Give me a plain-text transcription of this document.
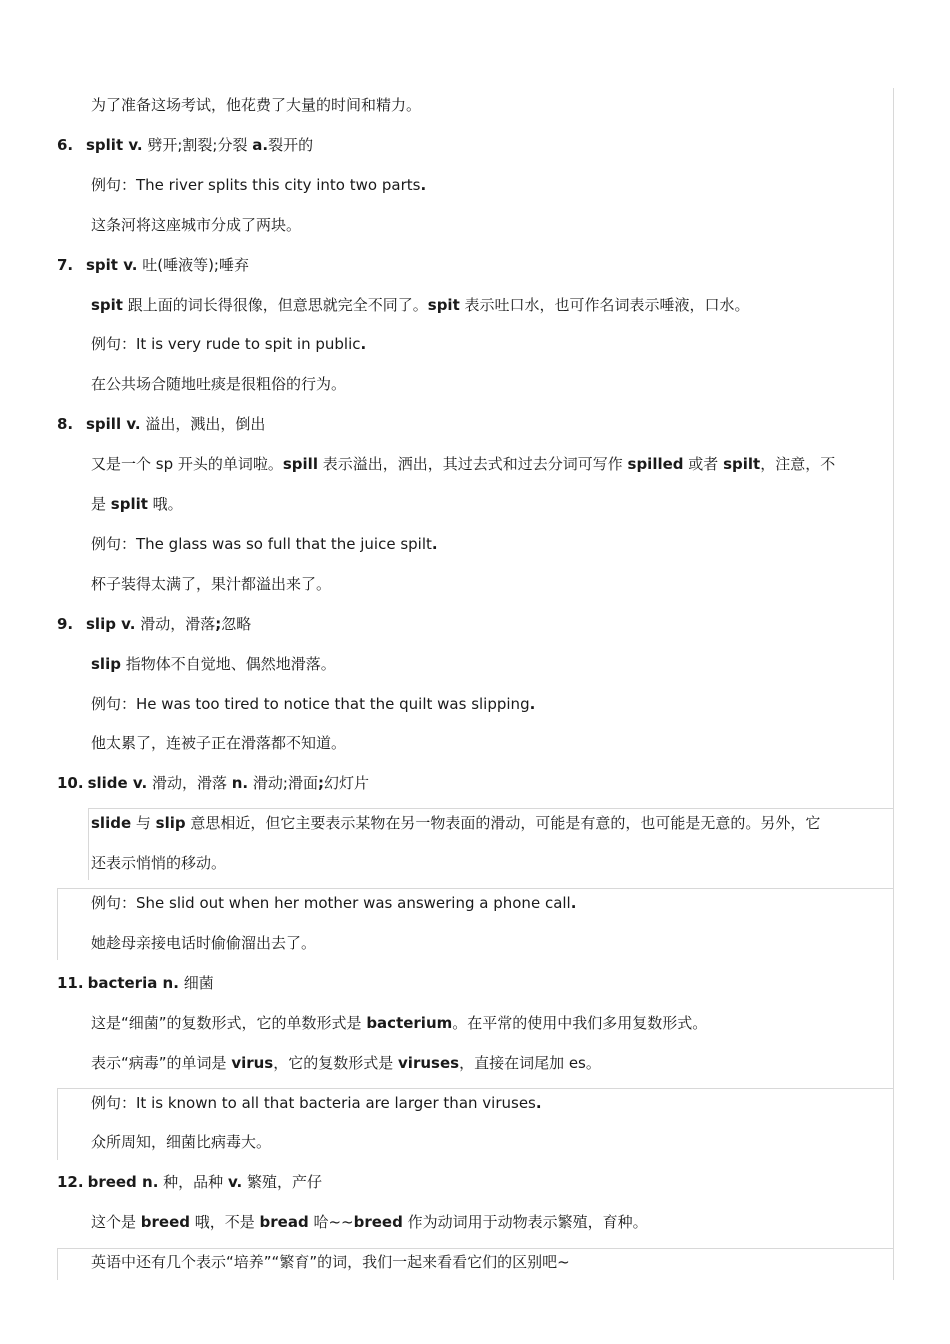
为了准备这场考试，他花费了大量的时间和精力。
6. split v. 劈开;割裂;分裂 a.裂开的
例句：The river splits this city into two parts.
这条河将这座城市分成了两块。
7. spit v. 吐(唾液等);唾弃
spit 跟上面的词长得很像，但意思就完全不同了。spit 表示吐口水，也可作名词表示唾液，口水。
例句：It is very rude to spit in public.
在公共场合随地吐痰是很粗俗的行为。
8. spill v. 溢出，溅出，倒出
又是一个 sp 开头的单词啦。spill 表示溢出，洒出，其过去式和过去分词可写作 spilled 或者 spilt，注意，不
是 split 哦。
例句：The glass was so full that the juice spilt.
杯子装得太满了，果汁都溢出来了。
9. slip v. 滑动，滑落;忽略
slip 指物体不自觉地、偶然地滑落。
例句：He was too tired to notice that the quilt was slipping.
他太累了，连被子正在滑落都不知道。
10. slide v. 滑动，滑落 n. 滑动;滑面;幻灯片
slide 与 slip 意思相近，但它主要表示某物在另一物表面的滑动，可能是有意的，也可能是无意的。另外，它
还表示悄悄的移动。
例句：She slid out when her mother was answering a phone call.
她趁母亲接电话时偷偷溜出去了。
11. bacteria n. 细菌
这是“细菌”的复数形式，它的单数形式是 bacterium。在平常的使用中我们多用复数形式。
表示“病毒”的单词是 virus，它的复数形式是 viruses，直接在词尾加 es。
例句：It is known to all that bacteria are larger than viruses.
众所周知，细菌比病毒大。
12. breed n. 种，品种 v. 繁殖，产仔
这个是 breed 哦，不是 bread 哈~~breed 作为动词用于动物表示繁殖，育种。
英语中还有几个表示“培养”“繁育”的词，我们一起来看看它们的区别吧~
